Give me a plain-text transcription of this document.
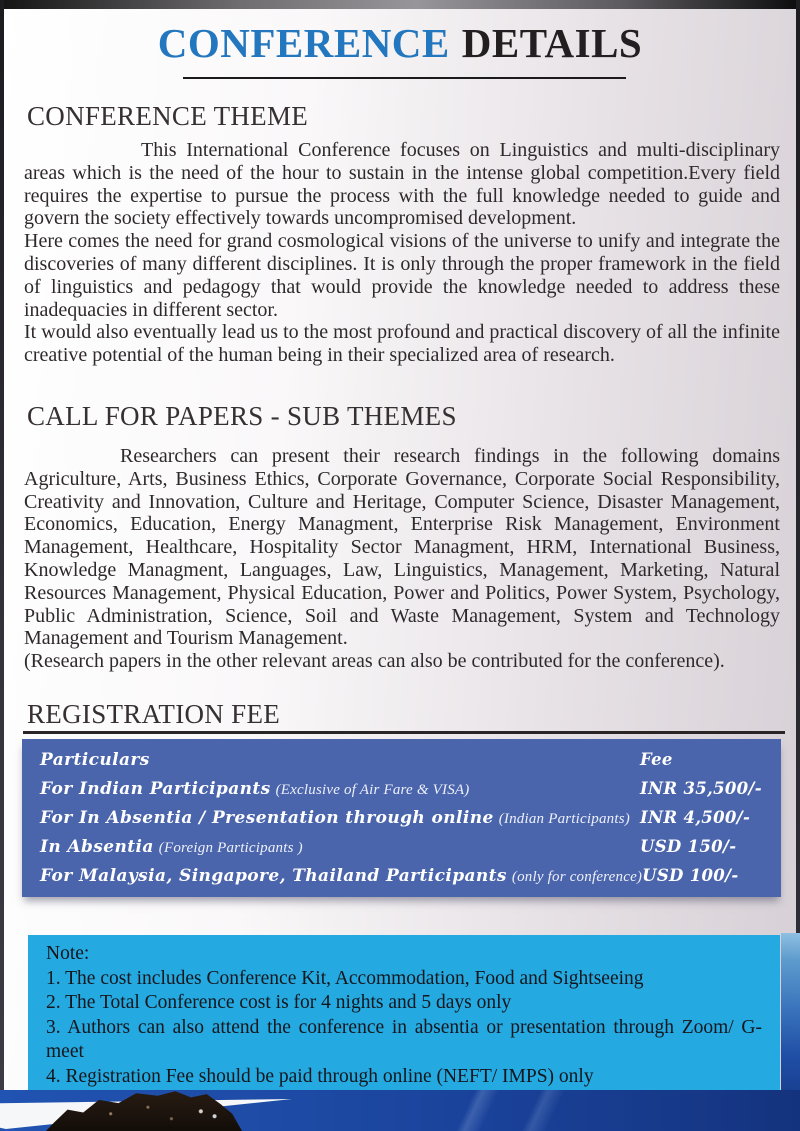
CONFERENCE DETAILS
CONFERENCE THEME

This International Conference focuses on Linguistics and multi-disciplinary areas which is the need of the hour to sustain in the intense global competition.Every field requires the expertise to pursue the process with the full knowledge needed to guide and govern the society effectively towards uncompromised development.

Here comes the need for grand cosmological visions of the universe to unify and integrate the discoveries of many different disciplines. It is only through the proper framework in the field of linguistics and pedagogy that would provide the knowledge needed to address these inadequacies in different sector.

It would also eventually lead us to the most profound and practical discovery of all the infinite creative potential of the human being in their specialized area of research.

CALL FOR PAPERS - SUB THEMES

Researchers can present their research findings in the following domains Agriculture, Arts, Business Ethics, Corporate Governance, Corporate Social Responsibility, Creativity and Innovation, Culture and Heritage, Computer Science, Disaster Management, Economics, Education, Energy Managment, Enterprise Risk Management, Environment Management, Healthcare, Hospitality Sector Managment, HRM, International Business, Knowledge Managment, Languages, Law, Linguistics, Management, Marketing, Natural Resources Management, Physical Education, Power and Politics, Power System, Psychology, Public Administration, Science, Soil and Waste Management, System and Technology Management and Tourism Management.

(Research papers in the other relevant areas can also be contributed for the conference).

REGISTRATION FEE
Particulars	Fee
For Indian Participants (Exclusive of Air Fare & VISA)	INR 35,500/-
For In Absentia / Presentation through online (Indian Participants) INR 4,500/-
In Absentia (Foreign Participants )	USD 150/-
For Malaysia, Singapore, Thailand Participants (only for conference) USD 100/-
Note:
1. The cost includes Conference Kit, Accommodation, Food and Sightseeing
2. The Total Conference cost is for 4 nights and 5 days only
3. Authors can also attend the conference in absentia or presentation through Zoom/ G-meet
4. Registration Fee should be paid through online (NEFT/ IMPS) only
